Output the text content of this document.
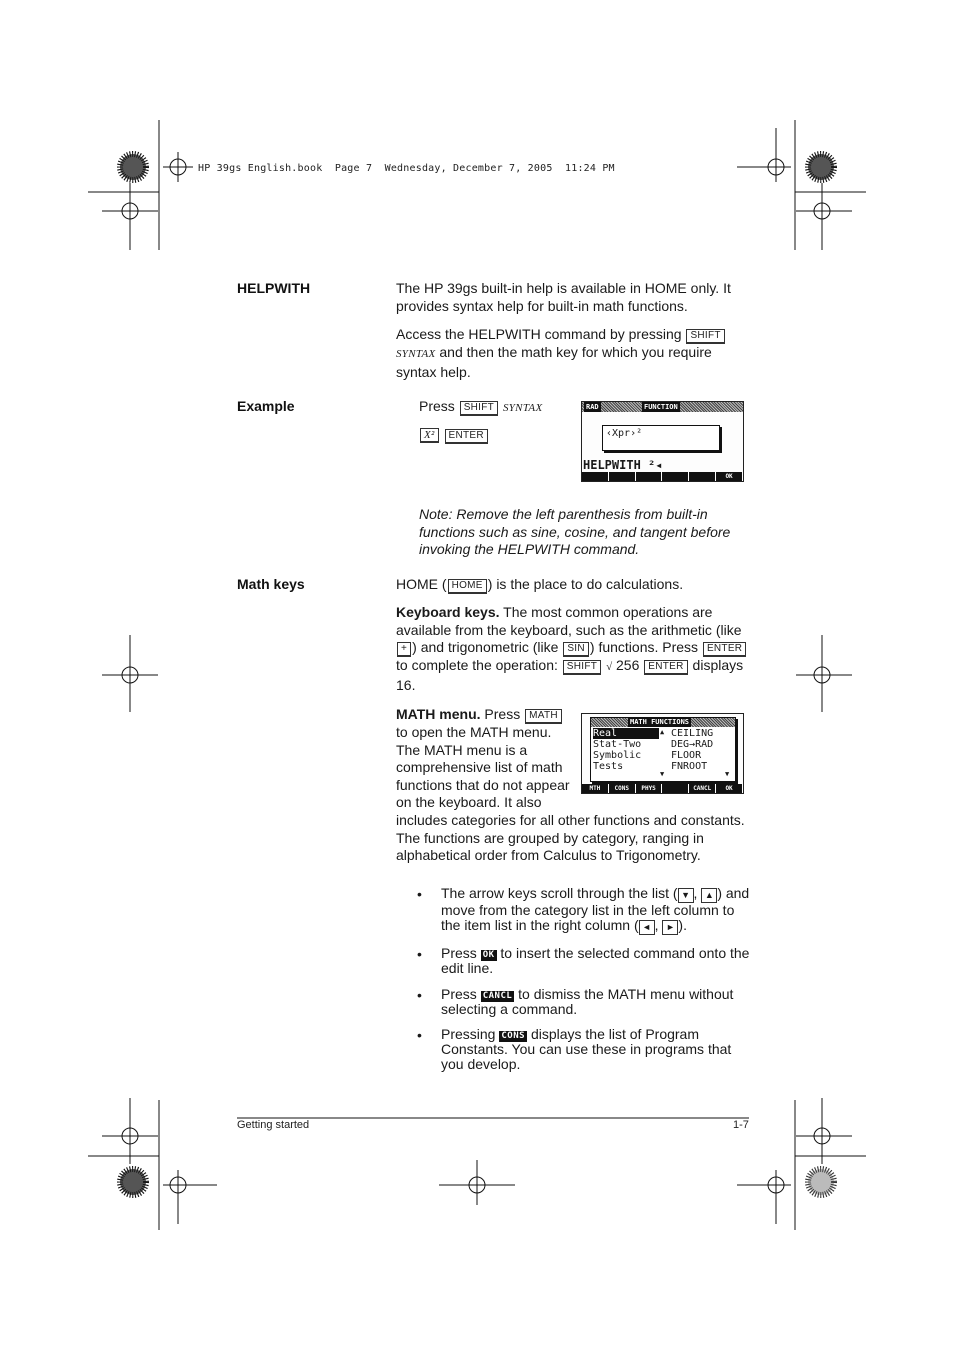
HP 39gs English.book  Page 7  Wednesday, December 7, 2005  11:24 PM
HELPWITH	The HP 39gs built-in help is available in HOME only. It provides syntax help for built-in math functions.
Access the HELPWITH command by pressing SHIFT SYNTAX and then the math key for which you require syntax help.
Example	Press SHIFT SYNTAX
X² ENTER
RAD	FUNCTION
‹Xpr›²
HELPWITH ²◂
OK
Note: Remove the left parenthesis from built-in functions such as sine, cosine, and tangent before invoking the HELPWITH command.
Math keys	HOME ( HOME ) is the place to do calculations.
Keyboard keys. The most common operations are available from the keyboard, such as the arithmetic (like + ) and trigonometric (like SIN ) functions. Press ENTER to complete the operation: SHIFT √ 256 ENTER displays 16.
MATH menu. Press MATH to open the MATH menu. The MATH menu is a comprehensive list of math functions that do not appear on the keyboard. It also
includes categories for all other functions and constants. The functions are grouped by category, ranging in alphabetical order from Calculus to Trigonometry.
MATH FUNCTIONS
Real
Stat-Two
Symbolic
Tests
▲
▼
CEILING
DEG→RAD
FLOOR
FNROOT
▼
MTH	CONS	PHYS	CANCL	OK
• The arrow keys scroll through the list ( ▼ , ▲ ) and move from the category list in the left column to the item list in the right column ( ◄ , ► ).
• Press OK to insert the selected command onto the edit line.
• Press CANCL to dismiss the MATH menu without selecting a command.
• Pressing CONS displays the list of Program Constants. You can use these in programs that you develop.
Getting started	1-7
